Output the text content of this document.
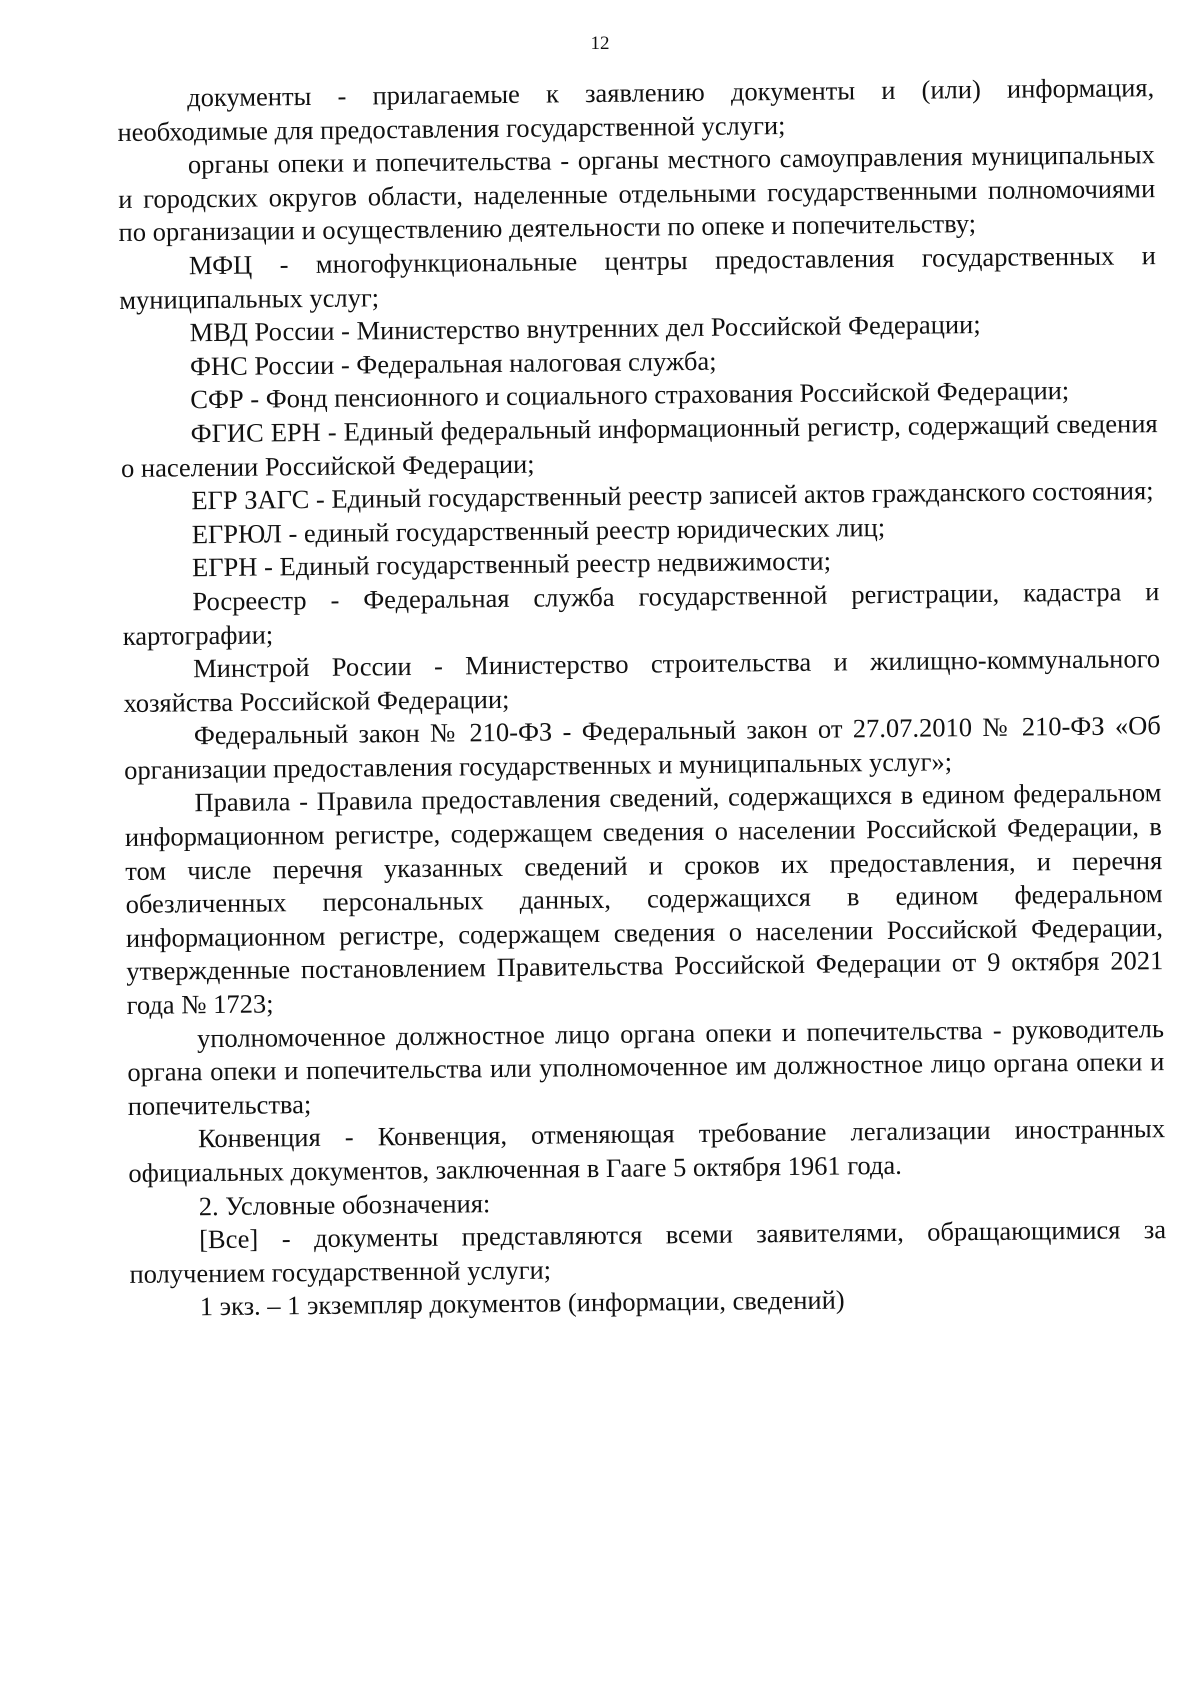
12

документы - прилагаемые к заявлению документы и (или) информация, необходимые для предоставления государственной услуги;

органы опеки и попечительства - органы местного самоуправления муниципальных и городских округов области, наделенные отдельными государственными полномочиями по организации и осуществлению деятельности по опеке и попечительству;

МФЦ - многофункциональные центры предоставления государственных и муниципальных услуг;

МВД России - Министерство внутренних дел Российской Федерации;

ФНС России - Федеральная налоговая служба;

СФР - Фонд пенсионного и социального страхования Российской Федерации;

ФГИС ЕРН - Единый федеральный информационный регистр, содержащий сведения о населении Российской Федерации;

ЕГР ЗАГС - Единый государственный реестр записей актов гражданского состояния;

ЕГРЮЛ - единый государственный реестр юридических лиц;

ЕГРН - Единый государственный реестр недвижимости;

Росреестр - Федеральная служба государственной регистрации, кадастра и картографии;

Минстрой России - Министерство строительства и жилищно-коммунального хозяйства Российской Федерации;

Федеральный закон № 210-ФЗ - Федеральный закон от 27.07.2010 № 210-ФЗ «Об организации предоставления государственных и муниципальных услуг»;

Правила - Правила предоставления сведений, содержащихся в едином федеральном информационном регистре, содержащем сведения о населении Российской Федерации, в том числе перечня указанных сведений и сроков их предоставления, и перечня обезличенных персональных данных, содержащихся в едином федеральном информационном регистре, содержащем сведения о населении Российской Федерации, утвержденные постановлением Правительства Российской Федерации от 9 октября 2021 года № 1723;

уполномоченное должностное лицо органа опеки и попечительства - руководитель органа опеки и попечительства или уполномоченное им должностное лицо органа опеки и попечительства;

Конвенция - Конвенция, отменяющая требование легализации иностранных официальных документов, заключенная в Гааге 5 октября 1961 года.

2. Условные обозначения:

[Все] - документы представляются всеми заявителями, обращающимися за получением государственной услуги;

1 экз. – 1 экземпляр документов (информации, сведений)
